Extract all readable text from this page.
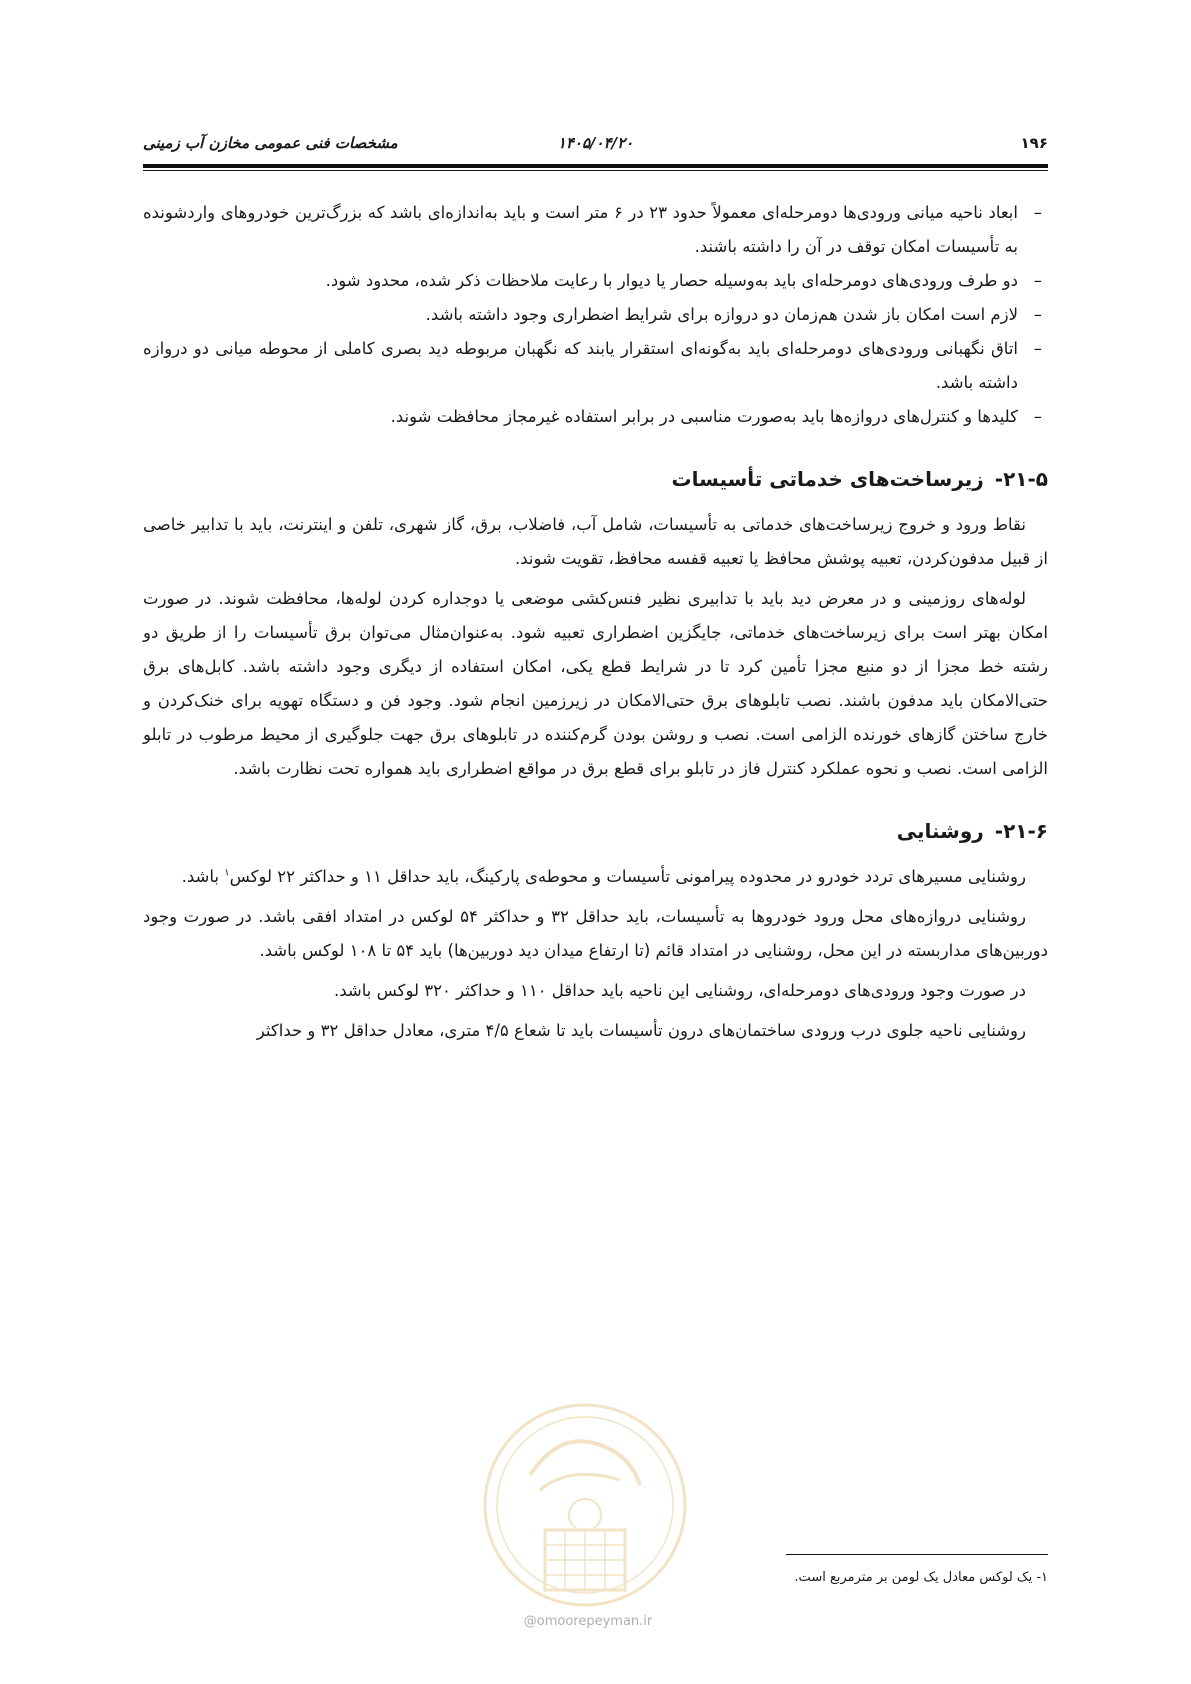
۱۹۶
۱۴۰۵/۰۴/۲۰
مشخصات فنی عمومی مخازن آب زمینی
– ابعاد ناحیه میانی ورودی‌ها دومرحله‌ای معمولاً حدود ۲۳ در ۶ متر است و باید به‌اندازه‌ای باشد که بزرگ‌ترین خودروهای واردشونده به تأسیسات امکان توقف در آن را داشته باشند.
– دو طرف ورودی‌های دومرحله‌ای باید به‌وسیله حصار یا دیوار با رعایت ملاحظات ذکر شده، محدود شود.
– لازم است امکان باز شدن هم‌زمان دو دروازه برای شرایط اضطراری وجود داشته باشد.
– اتاق نگهبانی ورودی‌های دومرحله‌ای باید به‌گونه‌ای استقرار یابند که نگهبان مربوطه دید بصری کاملی از محوطه میانی دو دروازه داشته باشد.
– کلیدها و کنترل‌های دروازه‌ها باید به‌صورت مناسبی در برابر استفاده غیرمجاز محافظت شوند.
۲۱-۵- زیرساخت‌های خدماتی تأسیسات

نقاط ورود و خروج زیرساخت‌های خدماتی به تأسیسات، شامل آب، فاضلاب، برق، گاز شهری، تلفن و اینترنت، باید با تدابیر خاصی از قبیل مدفون‌کردن، تعبیه پوشش محافظ یا تعبیه قفسه محافظ، تقویت شوند.

لوله‌های روزمینی و در معرض دید باید با تدابیری نظیر فنس‌کشی موضعی یا دوجداره کردن لوله‌ها، محافظت شوند. در صورت امکان بهتر است برای زیرساخت‌های خدماتی، جایگزین اضطراری تعبیه شود. به‌عنوان‌مثال می‌توان برق تأسیسات را از طریق دو رشته خط مجزا از دو منبع مجزا تأمین کرد تا در شرایط قطع یکی، امکان استفاده از دیگری وجود داشته باشد. کابل‌های برق حتی‌الامکان باید مدفون باشند. نصب تابلوهای برق حتی‌الامکان در زیرزمین انجام شود. وجود فن و دستگاه تهویه برای خنک‌کردن و خارج ساختن گازهای خورنده الزامی است. نصب و روشن بودن گرم‌کننده در تابلوهای برق جهت جلوگیری از محیط مرطوب در تابلو الزامی است. نصب و نحوه عملکرد کنترل فاز در تابلو برای قطع برق در مواقع اضطراری باید همواره تحت نظارت باشد.

۲۱-۶- روشنایی

روشنایی مسیرهای تردد خودرو در محدوده پیرامونی تأسیسات و محوطه‌ی پارکینگ، باید حداقل ۱۱ و حداکثر ۲۲ لوکس$^۱$ باشد.

روشنایی دروازه‌های محل ورود خودروها به تأسیسات، باید حداقل ۳۲ و حداکثر ۵۴ لوکس در امتداد افقی باشد. در صورت وجود دوربین‌های مداربسته در این محل، روشنایی در امتداد قائم (تا ارتفاع میدان دید دوربین‌ها) باید ۵۴ تا ۱۰۸ لوکس باشد.

در صورت وجود ورودی‌های دومرحله‌ای، روشنایی این ناحیه باید حداقل ۱۱۰ و حداکثر ۳۲۰ لوکس باشد.

روشنایی ناحیه جلوی درب ورودی ساختمان‌های درون تأسیسات باید تا شعاع ۴/۵ متری، معادل حداقل ۳۲ و حداکثر

@omoorepeyman.ir
۱- یک لوکس معادل یک لومن بر مترمربع است.
